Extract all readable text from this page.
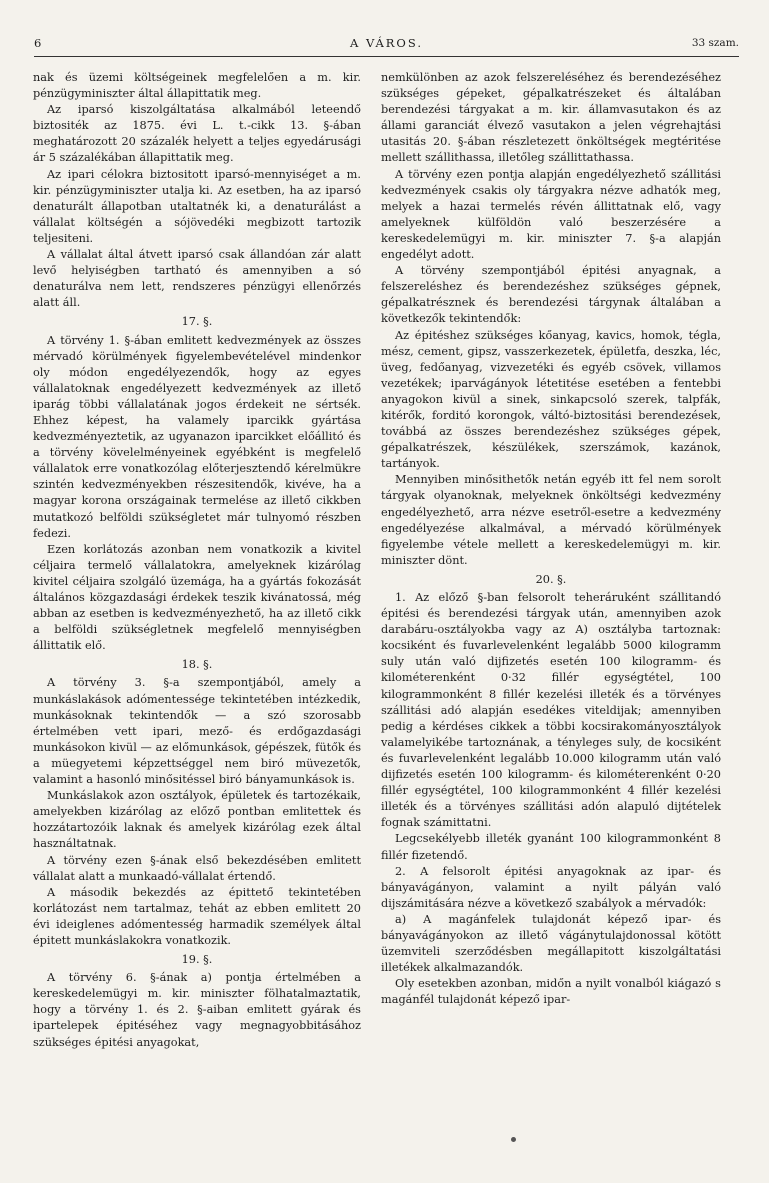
6	A VÁROS.	33 szam.

nak és üzemi költségeinek megfelelően a m. kir. pénzügyminiszter által állapittatik meg.

Az iparsó kiszolgáltatása alkalmából leteendő biztositék az 1875. évi L. t.-cikk 13. §-ában meghatározott 20 százalék helyett a teljes egyedárusági ár 5 százalékában állapittatik meg.

Az ipari célokra biztositott iparsó-mennyiséget a m. kir. pénzügyminiszter utalja ki. Az esetben, ha az iparsó denaturált állapotban utaltatnék ki, a denaturálást a vállalat költségén a sójövedéki megbizott tartozik teljesiteni.

A vállalat által átvett iparsó csak állandóan zár alatt levő helyiségben tartható és amennyiben a só denaturálva nem lett, rendszeres pénzügyi ellenőrzés alatt áll.

17. §.

A törvény 1. §-ában emlitett kedvezmények az összes mérvadó körülmények figyelembevételével mindenkor oly módon engedélyezendők, hogy az egyes vállalatoknak engedélyezett kedvezmények az illető iparág többi vállalatának jogos érdekeit ne sértsék. Ehhez képest, ha valamely iparcikk gyártása kedvezményeztetik, az ugyanazon iparcikket előállitó és a törvény kövelelményeinek egyébként is megfelelő vállalatok erre vonatkozólag előterjesztendő kérelmükre szintén kedvezményekben részesitendők, kivéve, ha a magyar korona országainak termelése az illető cikkben mutatkozó belföldi szükségletet már tulnyomó részben fedezi.

Ezen korlátozás azonban nem vonatkozik a kivitel céljaira termelő vállalatokra, amelyeknek kizárólag kivitel céljaira szolgáló üzemága, ha a gyártás fokozását általános közgazdasági érdekek teszik kivánatossá, még abban az esetben is kedvezményezhető, ha az illető cikk a belföldi szükségletnek megfelelő mennyiségben állittatik elő.

18. §.

A törvény 3. §-a szempontjából, amely a munkáslakások adómentessége tekintetében intézkedik, munkásoknak tekintendők — a szó szorosabb értelmében vett ipari, mező- és erdőgazdasági munkásokon kivül — az előmunkások, gépészek, fütők és a müegyetemi képzettséggel nem biró müvezetők, valamint a hasonló minősitéssel biró bányamunkások is.

Munkáslakok azon osztályok, épületek és tartozékaik, amelyekben kizárólag az előző pontban emlitettek és hozzátartozóik laknak és amelyek kizárólag ezek által használtatnak.

A törvény ezen §-ának első bekezdésében emlitett vállalat alatt a munkaadó-vállalat értendő.

A második bekezdés az épittető tekintetében korlátozást nem tartalmaz, tehát az ebben emlitett 20 évi ideiglenes adómentesség harmadik személyek által épitett munkáslakokra vonatkozik.

19. §.

A törvény 6. §-ának a) pontja értelmében a kereskedelemügyi m. kir. miniszter fölhatalmaztatik, hogy a törvény 1. és 2. §-aiban emlitett gyárak és ipartelepek épitéséhez vagy megnagyobbitásához szükséges épitési anyagokat,

nemkülönben az azok felszereléséhez és berendezéséhez szükséges gépeket, gépalkatrészeket és általában berendezési tárgyakat a m. kir. államvasutakon és az állami garanciát élvező vasutakon a jelen végrehajtási utasitás 20. §-ában részletezett önköltségek megtéritése mellett szállithassa, illetőleg szállittathassa.

A törvény ezen pontja alapján engedélyezhető szállitási kedvezmények csakis oly tárgyakra nézve adhatók meg, melyek a hazai termelés révén állittatnak elő, vagy amelyeknek külföldön való beszerzésére a kereskedelemügyi m. kir. miniszter 7. §-a alapján engedélyt adott.

A törvény szempontjából épitési anyagnak, a felszereléshez és berendezéshez szükséges gépnek, gépalkatrésznek és berendezési tárgynak általában a következők tekintendők:

Az épitéshez szükséges kőanyag, kavics, homok, tégla, mész, cement, gipsz, vasszerkezetek, épületfa, deszka, léc, üveg, fedőanyag, vizvezetéki és egyéb csövek, villamos vezetékek; iparvágányok létetitése esetében a fentebbi anyagokon kivül a sinek, sinkapcsoló szerek, talpfák, kitérők, forditó korongok, váltó-biztositási berendezések, továbbá az összes berendezéshez szükséges gépek, gépalkatrészek, készülékek, szerszámok, kazánok, tartányok.

Mennyiben minősithetők netán egyéb itt fel nem sorolt tárgyak olyanoknak, melyeknek önköltségi kedvezmény engedélyezhető, arra nézve esetről-esetre a kedvezmény engedélyezése alkalmával, a mérvadó körülmények figyelembe vétele mellett a kereskedelemügyi m. kir. miniszter dönt.

20. §.

1. Az előző §-ban felsorolt teheráruként szállitandó épitési és berendezési tárgyak után, amennyiben azok darabáru-osztályokba vagy az A) osztályba tartoznak: kocsiként és fuvarlevelenként legalább 5000 kilogramm suly után való dijfizetés esetén 100 kilogramm- és kilométerenként 0·32 fillér egységtétel, 100 kilogrammonként 8 fillér kezelési illeték és a törvényes szállitási adó alapján esedékes viteldijak; amennyiben pedig a kérdéses cikkek a többi kocsirakományosztályok valamelyikébe tartoznának, a tényleges suly, de kocsiként és fuvarlevelenként legalább 10.000 kilogramm után való dijfizetés esetén 100 kilogramm- és kilométerenként 0·20 fillér egységtétel, 100 kilogrammonként 4 fillér kezelési illeték és a törvényes szállitási adón alapuló dijtételek fognak számittatni.

Legcsekélyebb illeték gyanánt 100 kilogrammonként 8 fillér fizetendő.

2. A felsorolt épitési anyagoknak az ipar- és bányavágányon, valamint a nyilt pályán való dijszámitására nézve a következő szabályok a mérvadók:

a) A magánfelek tulajdonát képező ipar- és bányavágányokon az illető vágánytulajdonossal kötött üzemviteli szerződésben megállapitott kiszolgáltatási illetékek alkalmazandók.

Oly esetekben azonban, midőn a nyilt vonalból kiágazó s magánfél tulajdonát képező ipar-
